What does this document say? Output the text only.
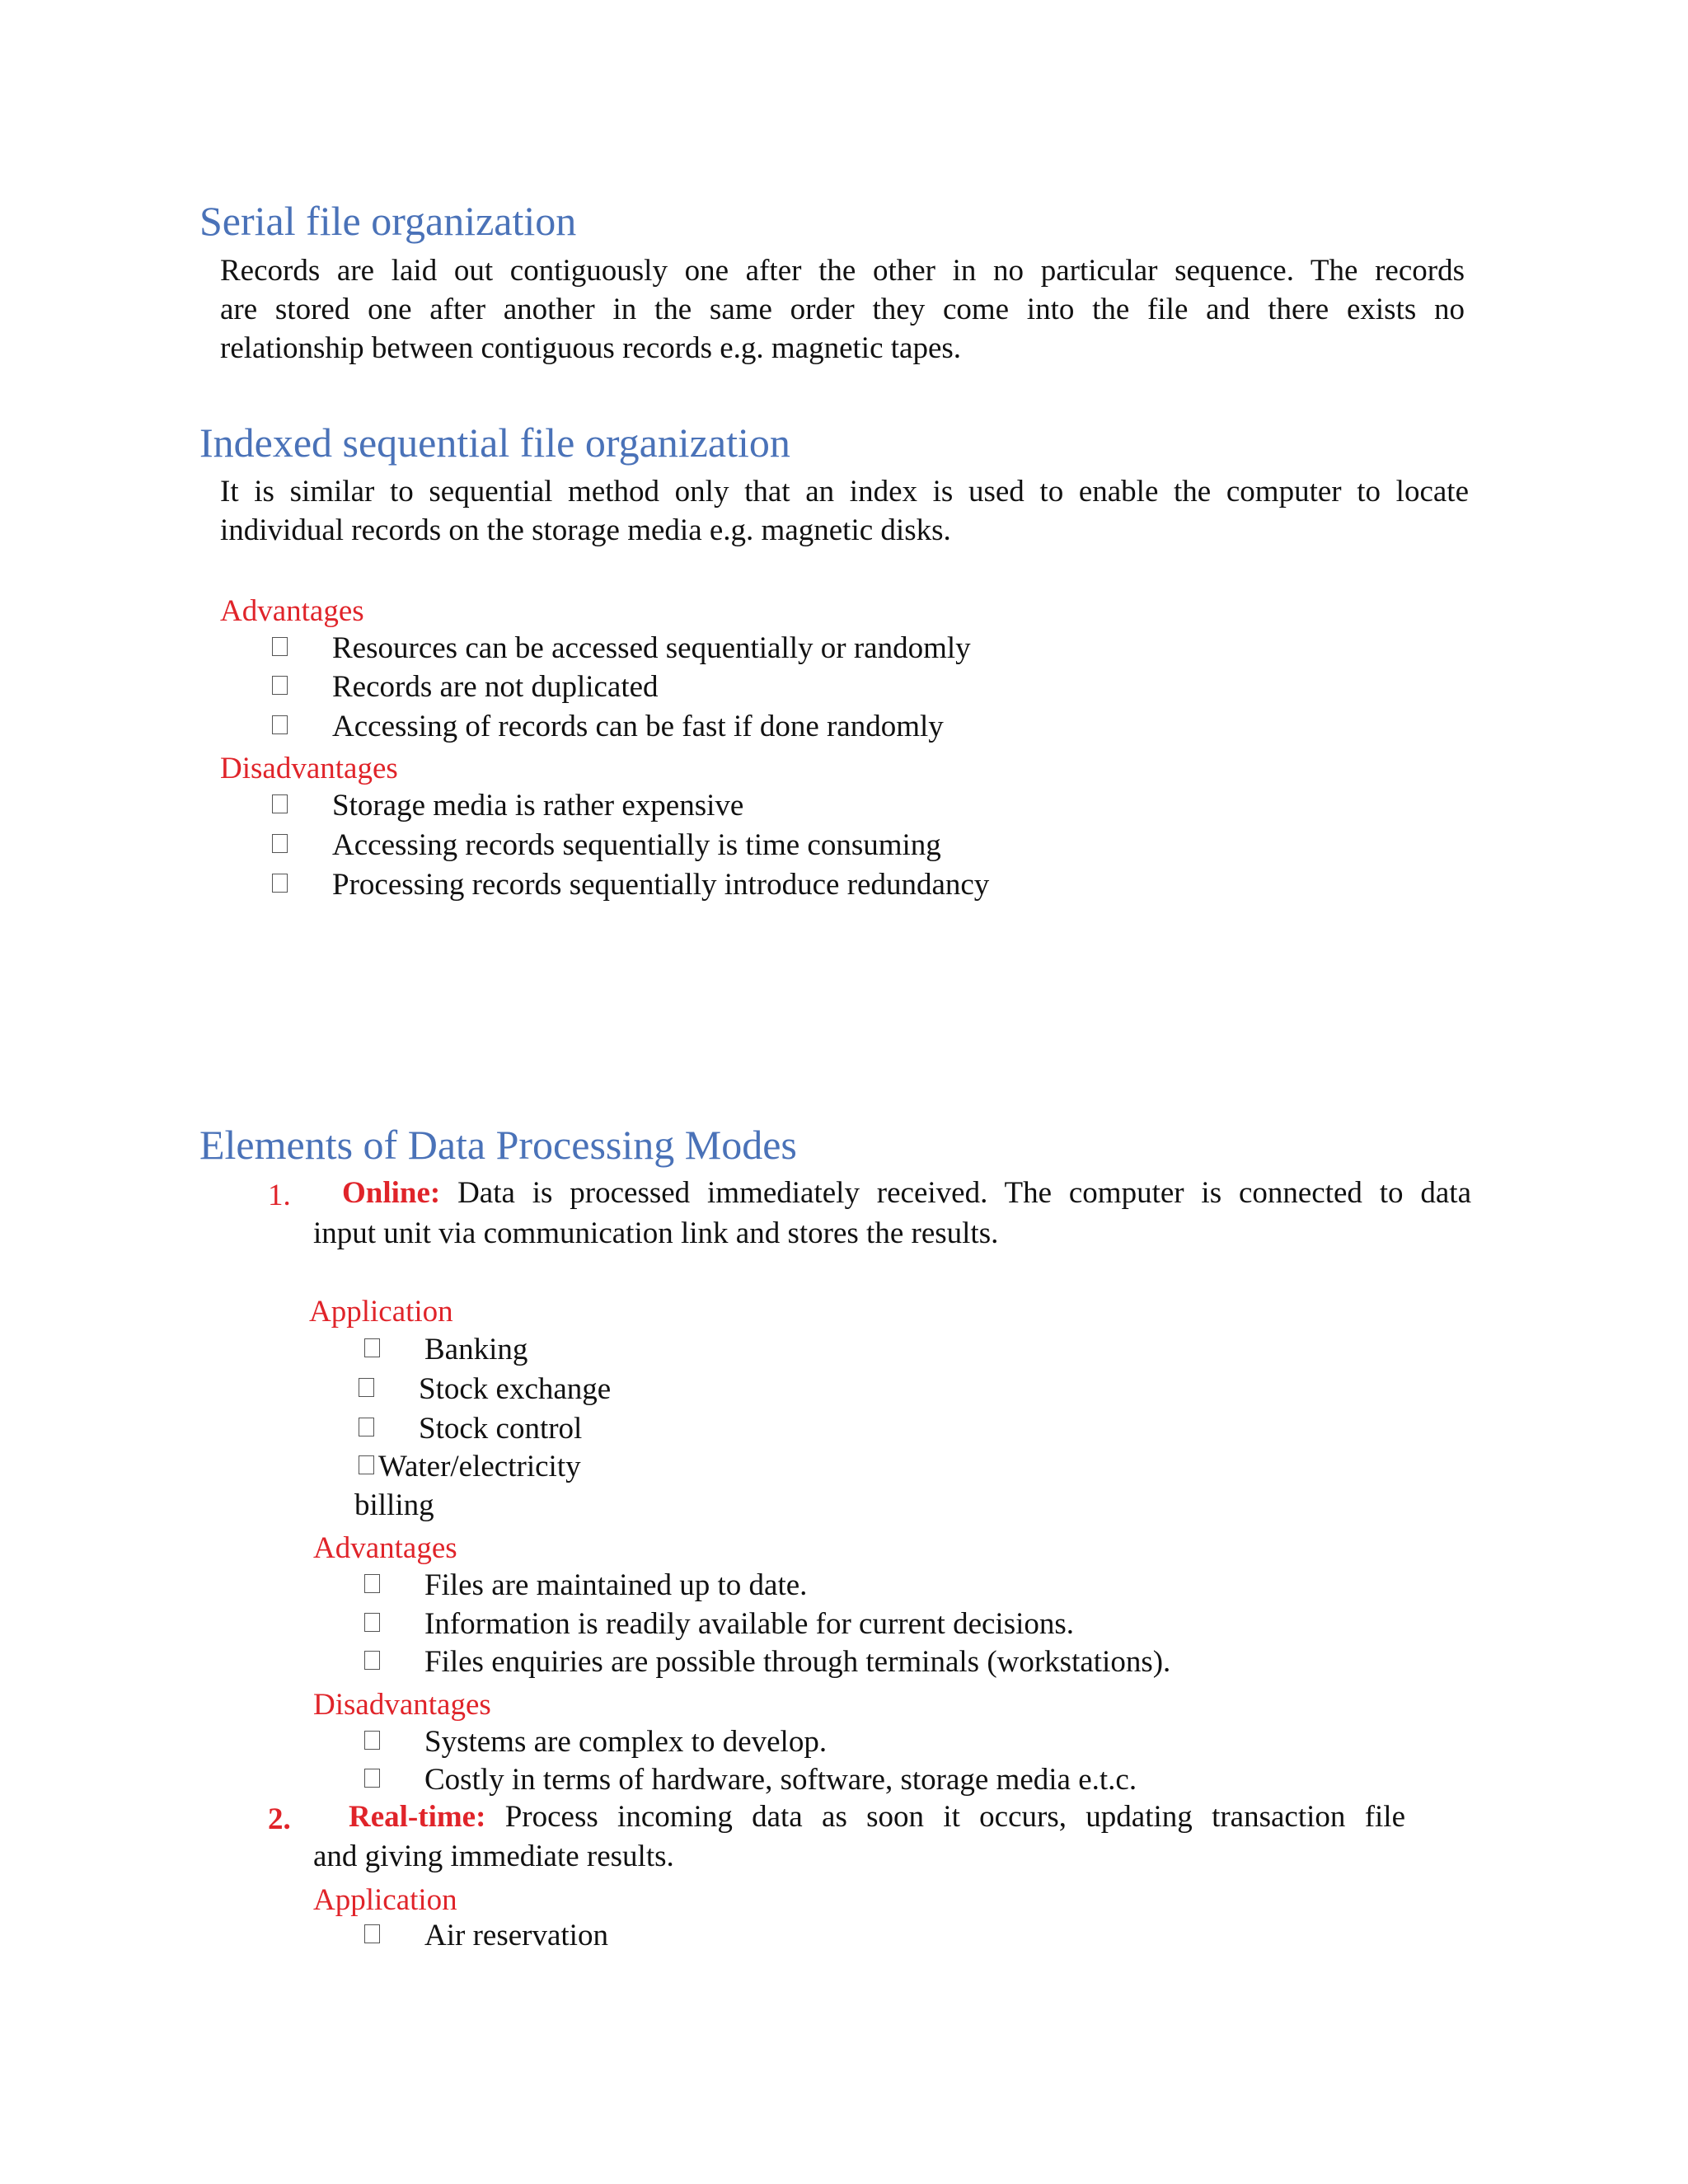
Serial file organization
Records are laid out contiguously one after the other in no particular sequence. The records
are stored one after another in the same order they come into the file and there exists no
relationship between contiguous records e.g. magnetic tapes.
Indexed sequential file organization
It is similar to sequential method only that an index is used to enable the computer to locate
individual records on the storage media e.g. magnetic disks.
Advantages
Resources can be accessed sequentially or randomly
Records are not duplicated
Accessing of records can be fast if done randomly
Disadvantages
Storage media is rather expensive
Accessing records sequentially is time consuming
Processing records sequentially introduce redundancy
Elements of Data Processing Modes
1. Online: Data is processed immediately received. The computer is connected to data
input unit via communication link and stores the results.
Application
Banking
Stock exchange
Stock control
Water/electricity
billing
Advantages
Files are maintained up to date.
Information is readily available for current decisions.
Files enquiries are possible through terminals (workstations).
Disadvantages
Systems are complex to develop.
Costly in terms of hardware, software, storage media e.t.c.
2. Real-time: Process incoming data as soon it occurs, updating transaction file
and giving immediate results.
Application
Air reservation
